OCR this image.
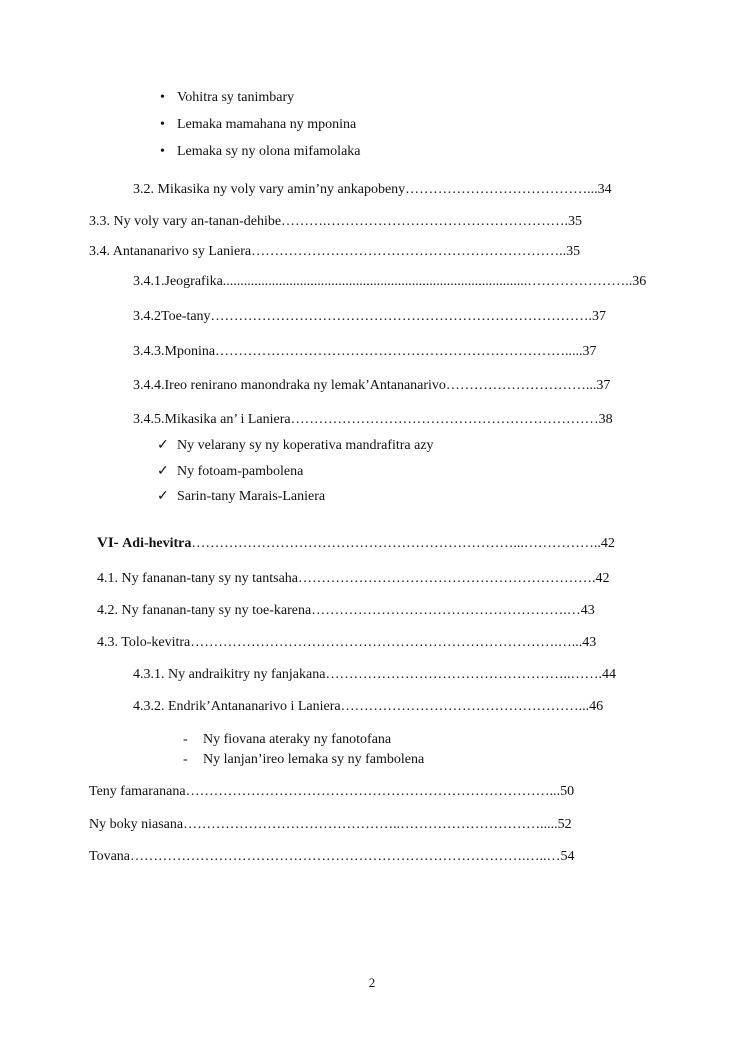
• Vohitra sy tanimbary
• Lemaka mamahana ny mponina
• Lemaka sy ny olona mifamolaka
3.2. Mikasika ny voly vary amin’ny ankapobeny…………………………………...34
3.3. Ny voly vary an-tanan-dehibe……….…………………………………………….35
3.4. Antananarivo sy Laniera…………………………………………………………..35
3.4.1.Jeografika.......................................................................................…………………..36
3.4.2Toe-tany……………………………………………………………………….37
3.4.3.Mponina………………………………………………………………….....37
3.4.4.Ireo renirano manondraka ny lemak’Antananarivo…………………………...37
3.4.5.Mikasika an’ i Laniera…………………………………………………………38
✓ Ny velarany sy ny koperativa mandrafitra azy
✓ Ny fotoam-pambolena
✓ Sarin-tany Marais-Laniera
VI- Adi-hevitra……………………………………………………………...……………..42
4.1. Ny fananan-tany sy ny tantsaha……………………………………………………….42
4.2. Ny fananan-tany sy ny toe-karena……………………………………………….…43
4.3. Tolo-kevitra…………………………………………………………………….…...43
4.3.1. Ny andraikitry ny fanjakana……………………………………………..…….44
4.3.2. Endrik’Antananarivo i Laniera……………………………………………...46
- Ny fiovana ateraky ny fanotofana
- Ny lanjan’ireo lemaka sy ny fambolena
Teny famaranana……………………………………………………………………...50
Ny boky niasana………………………………………..………………………….....52
Tovana………………………………………………………………………….…..…54
2
